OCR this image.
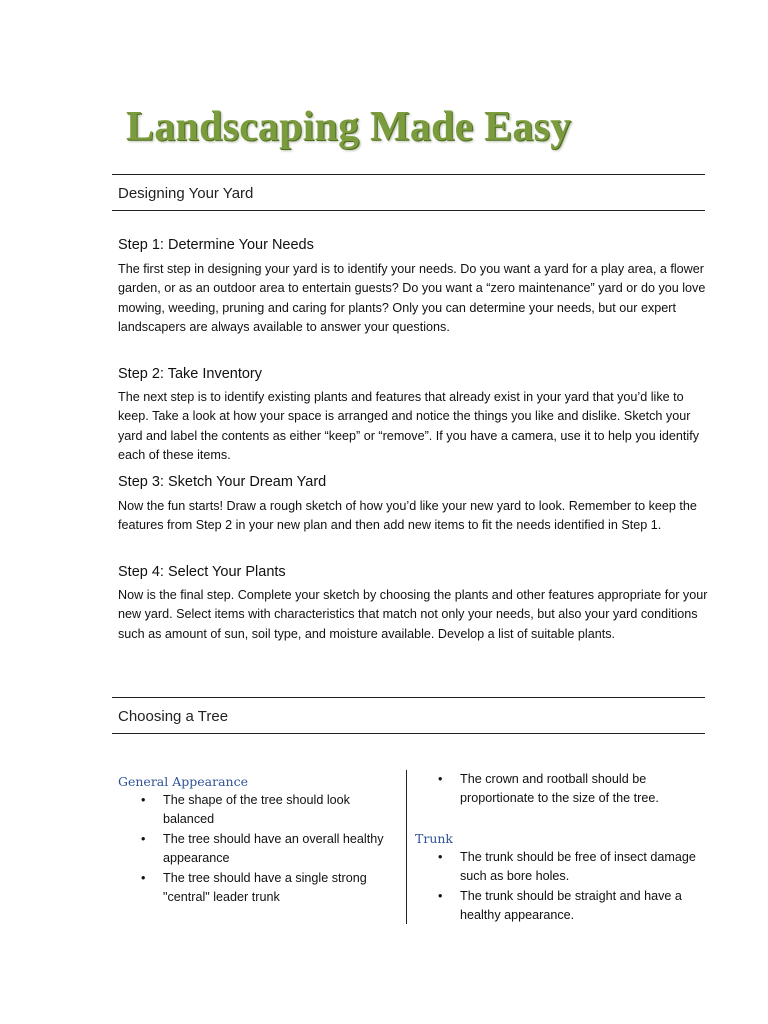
Landscaping Made Easy
Designing Your Yard
Step 1: Determine Your Needs

The first step in designing your yard is to identify your needs. Do you want a yard for a play area, a flower garden, or as an outdoor area to entertain guests? Do you want a “zero maintenance” yard or do you love mowing, weeding, pruning and caring for plants? Only you can determine your needs, but our expert landscapers are always available to answer your questions.

Step 2: Take Inventory

The next step is to identify existing plants and features that already exist in your yard that you’d like to keep. Take a look at how your space is arranged and notice the things you like and dislike. Sketch your yard and label the contents as either “keep” or “remove”. If you have a camera, use it to help you identify each of these items.

Step 3: Sketch Your Dream Yard

Now the fun starts! Draw a rough sketch of how you’d like your new yard to look. Remember to keep the features from Step 2 in your new plan and then add new items to fit the needs identified in Step 1.

Step 4: Select Your Plants

Now is the final step. Complete your sketch by choosing the plants and other features appropriate for your new yard. Select items with characteristics that match not only your needs, but also your yard conditions such as amount of sun, soil type, and moisture available. Develop a list of suitable plants.

Choosing a Tree
General Appearance
• The shape of the tree should look balanced
• The tree should have an overall healthy appearance
• The tree should have a single strong "central" leader trunk
• The crown and rootball should be proportionate to the size of the tree.
Trunk
• The trunk should be free of insect damage such as bore holes.
• The trunk should be straight and have a healthy appearance.
